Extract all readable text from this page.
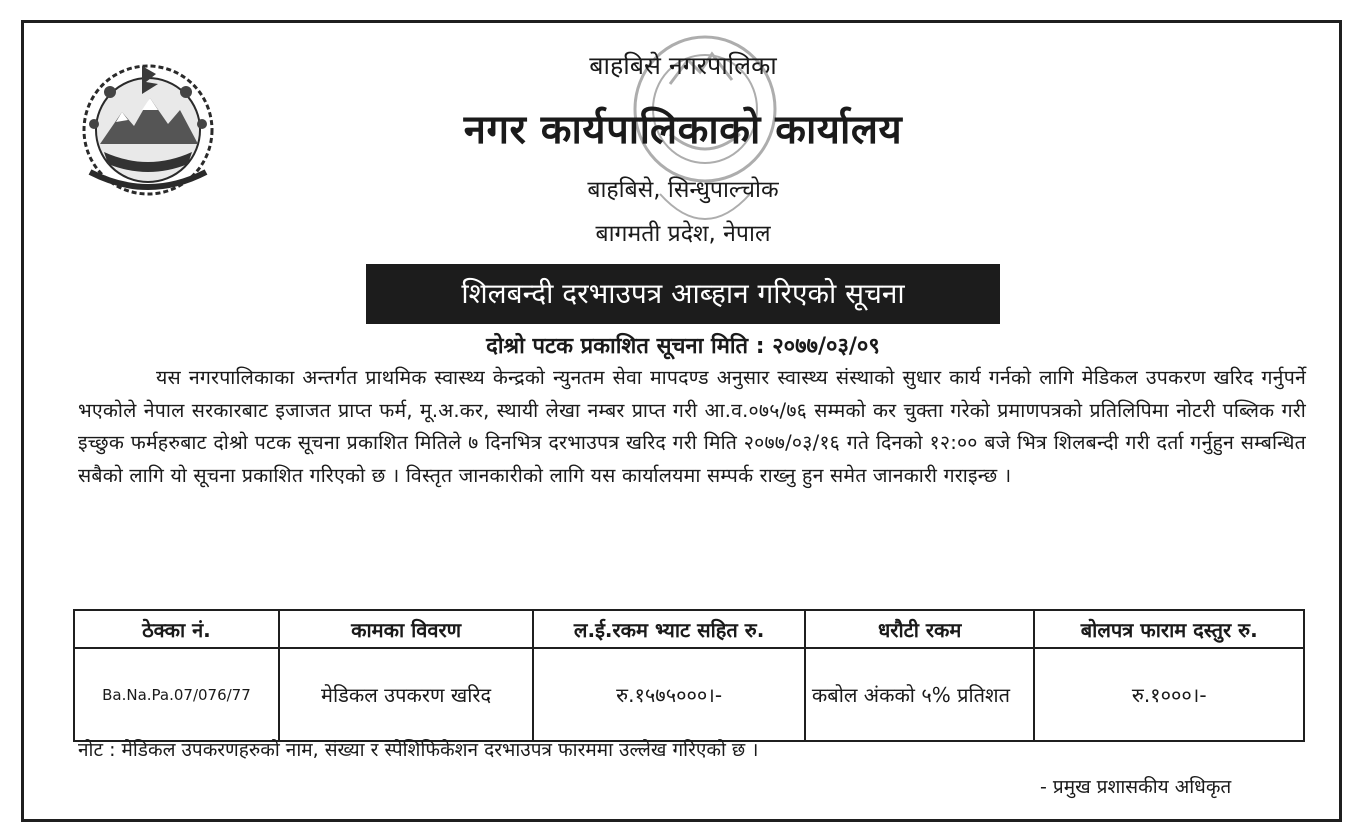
बाहबिसे नगरपालिका
नगर कार्यपालिकाको कार्यालय
बाहबिसे, सिन्धुपाल्चोक
बागमती प्रदेश, नेपाल
शिलबन्दी दरभाउपत्र आब्हान गरिएको सूचना
दोश्रो पटक प्रकाशित सूचना मिति : २०७७/०३/०९
यस नगरपालिकाका अन्तर्गत प्राथमिक स्वास्थ्य केन्द्रको न्युनतम सेवा मापदण्ड अनुसार स्वास्थ्य संस्थाको सुधार कार्य गर्नको लागि मेडिकल उपकरण खरिद गर्नुपर्ने भएकोले नेपाल सरकारबाट इजाजत प्राप्त फर्म, मू.अ.कर, स्थायी लेखा नम्बर प्राप्त गरी आ.व.०७५/७६ सम्मको कर चुक्ता गरेको प्रमाणपत्रको प्रतिलिपिमा नोटरी पब्लिक गरी इच्छुक फर्महरुबाट दोश्रो पटक सूचना प्रकाशित मितिले ७ दिनभित्र दरभाउपत्र खरिद गरी मिति २०७७/०३/१६ गते दिनको १२:०० बजे भित्र शिलबन्दी गरी दर्ता गर्नुहुन सम्बन्धित सबैको लागि यो सूचना प्रकाशित गरिएको छ । विस्तृत जानकारीको लागि यस कार्यालयमा सम्पर्क राख्नु हुन समेत जानकारी गराइन्छ ।
ठेक्का नं.	कामका विवरण	ल.ई.रकम भ्याट सहित रु.	धरौटी रकम	बोलपत्र फाराम दस्तुर रु.
Ba.Na.Pa.07/076/77	मेडिकल उपकरण खरिद	रु.१५७५०००।-	कबोल अंकको ५% प्रतिशत	रु.१०००।-
नोट : मेडिकल उपकरणहरुको नाम, संख्या र स्पेशिफिकेशन दरभाउपत्र फारममा उल्लेख गरिएको छ ।
- प्रमुख प्रशासकीय अधिकृत
